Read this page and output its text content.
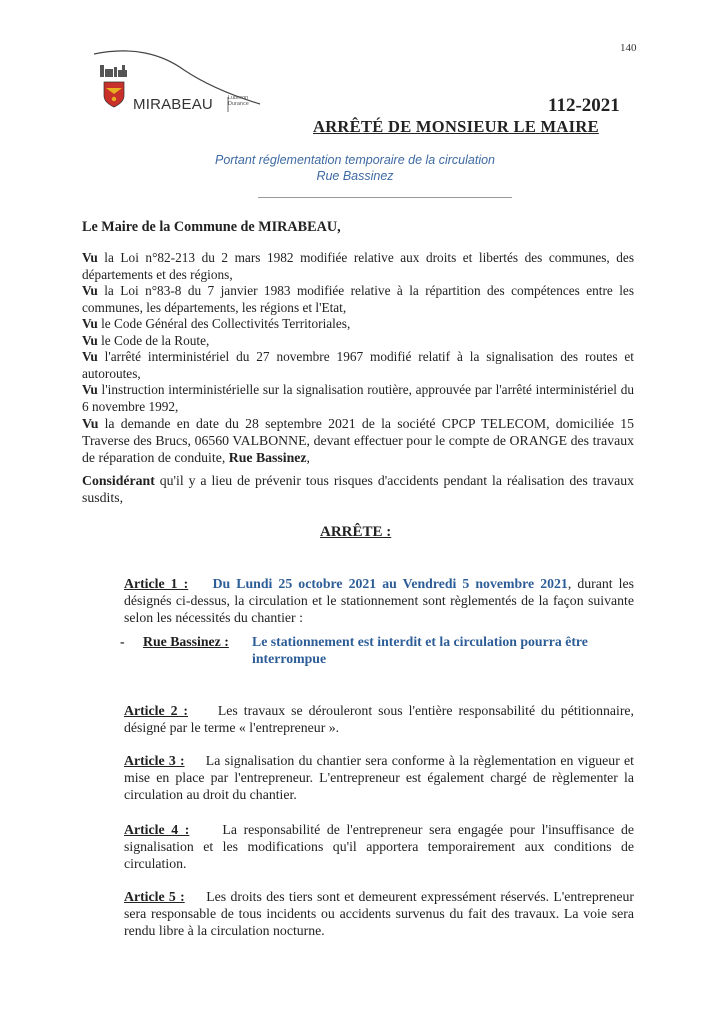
140
MIRABEAU	Luberon
Durance	112-2021
ARRÊTÉ DE MONSIEUR LE MAIRE
Portant réglementation temporaire de la circulation
Rue Bassinez
Le Maire de la Commune de MIRABEAU,

Vu la Loi n°82-213 du 2 mars 1982 modifiée relative aux droits et libertés des communes, des départements et des régions,

Vu la Loi n°83-8 du 7 janvier 1983 modifiée relative à la répartition des compétences entre les communes, les départements, les régions et l'Etat,

Vu le Code Général des Collectivités Territoriales,

Vu le Code de la Route,

Vu l'arrêté interministériel du 27 novembre 1967 modifié relatif à la signalisation des routes et autoroutes,

Vu l'instruction interministérielle sur la signalisation routière, approuvée par l'arrêté interministériel du 6 novembre 1992,

Vu la demande en date du 28 septembre 2021 de la société CPCP TELECOM, domiciliée 15 Traverse des Brucs, 06560 VALBONNE, devant effectuer pour le compte de ORANGE des travaux de réparation de conduite, Rue Bassinez,

Considérant qu'il y a lieu de prévenir tous risques d'accidents pendant la réalisation des travaux susdits,

ARRÊTE :

Article 1 : Du Lundi 25 octobre 2021 au Vendredi 5 novembre 2021, durant les désignés ci-dessus, la circulation et le stationnement sont règlementés de la façon suivante selon les nécessités du chantier :

- Rue Bassinez : Le stationnement est interdit et la circulation pourra être interrompue

Article 2 : Les travaux se dérouleront sous l'entière responsabilité du pétitionnaire, désigné par le terme « l'entrepreneur ».

Article 3 : La signalisation du chantier sera conforme à la règlementation en vigueur et mise en place par l'entrepreneur. L'entrepreneur est également chargé de règlementer la circulation au droit du chantier.

Article 4 : La responsabilité de l'entrepreneur sera engagée pour l'insuffisance de signalisation et les modifications qu'il apportera temporairement aux conditions de circulation.

Article 5 : Les droits des tiers sont et demeurent expressément réservés. L'entrepreneur sera responsable de tous incidents ou accidents survenus du fait des travaux. La voie sera rendu libre à la circulation nocturne.
